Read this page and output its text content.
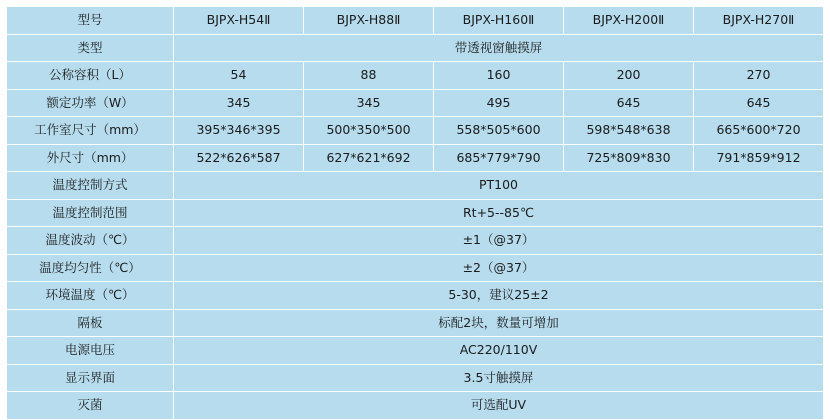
型号	BJPX-H54Ⅱ	BJPX-H88Ⅱ	BJPX-H160Ⅱ	BJPX-H200Ⅱ	BJPX-H270Ⅱ
类型	带透视窗触摸屏				
公称容积（L）	54	88	160	200	270
额定功率（W）	345	345	495	645	645
工作室尺寸（mm）	395*346*395	500*350*500	558*505*600	598*548*638	665*600*720
外尺寸（mm）	522*626*587	627*621*692	685*779*790	725*809*830	791*859*912
温度控制方式	PT100				
温度控制范围	Rt+5--85℃				
温度波动（℃）	±1（@37）				
温度均匀性（℃）	±2（@37）				
环境温度（℃）	5-30，建议25±2				
隔板	标配2块，数量可增加				
电源电压	AC220/110V				
显示界面	3.5寸触摸屏				
灭菌	可选配UV				
